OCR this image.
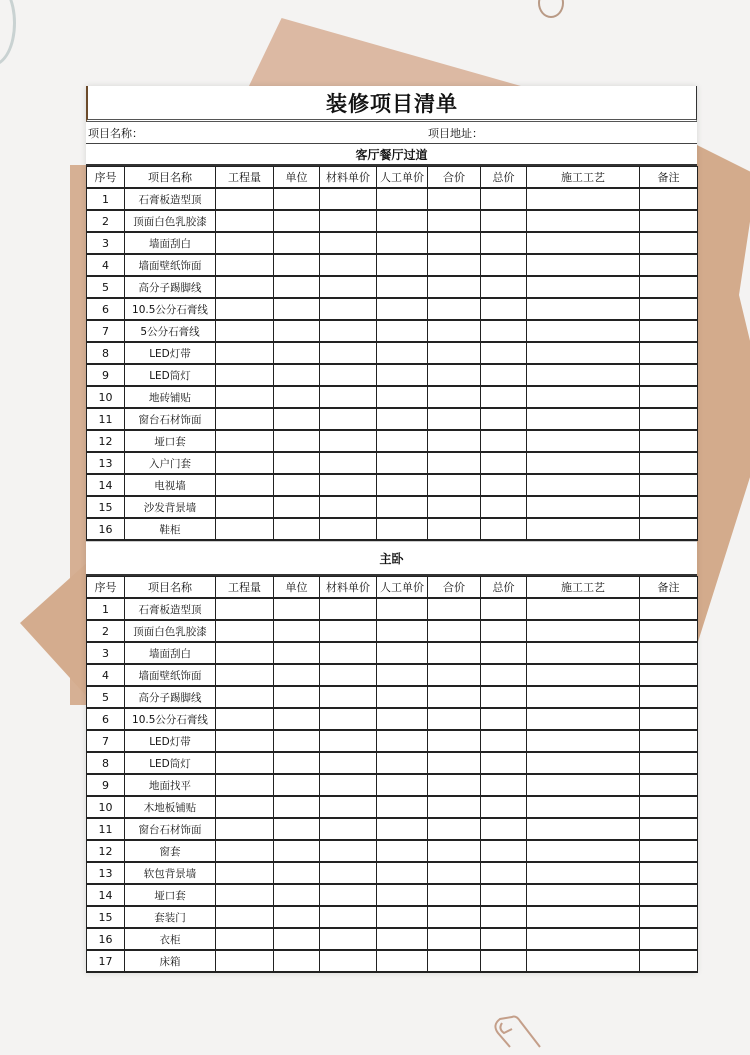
装修项目清单
项目名称：	项目地址：
客厅餐厅过道
序号	项目名称	工程量	单位	材料单价	人工单价	合价	总价	施工工艺	备注
1	石膏板造型顶								
2	顶面白色乳胶漆								
3	墙面刮白								
4	墙面壁纸饰面								
5	高分子踢脚线								
6	10.5公分石膏线								
7	5公分石膏线								
8	LED灯带								
9	LED筒灯								
10	地砖铺贴								
11	窗台石材饰面								
12	垭口套								
13	入户门套								
14	电视墙								
15	沙发背景墙								
16	鞋柜								
主卧
序号	项目名称	工程量	单位	材料单价	人工单价	合价	总价	施工工艺	备注
1	石膏板造型顶								
2	顶面白色乳胶漆								
3	墙面刮白								
4	墙面壁纸饰面								
5	高分子踢脚线								
6	10.5公分石膏线								
7	LED灯带								
8	LED筒灯								
9	地面找平								
10	木地板铺贴								
11	窗台石材饰面								
12	窗套								
13	软包背景墙								
14	垭口套								
15	套装门								
16	衣柜								
17	床箱								
